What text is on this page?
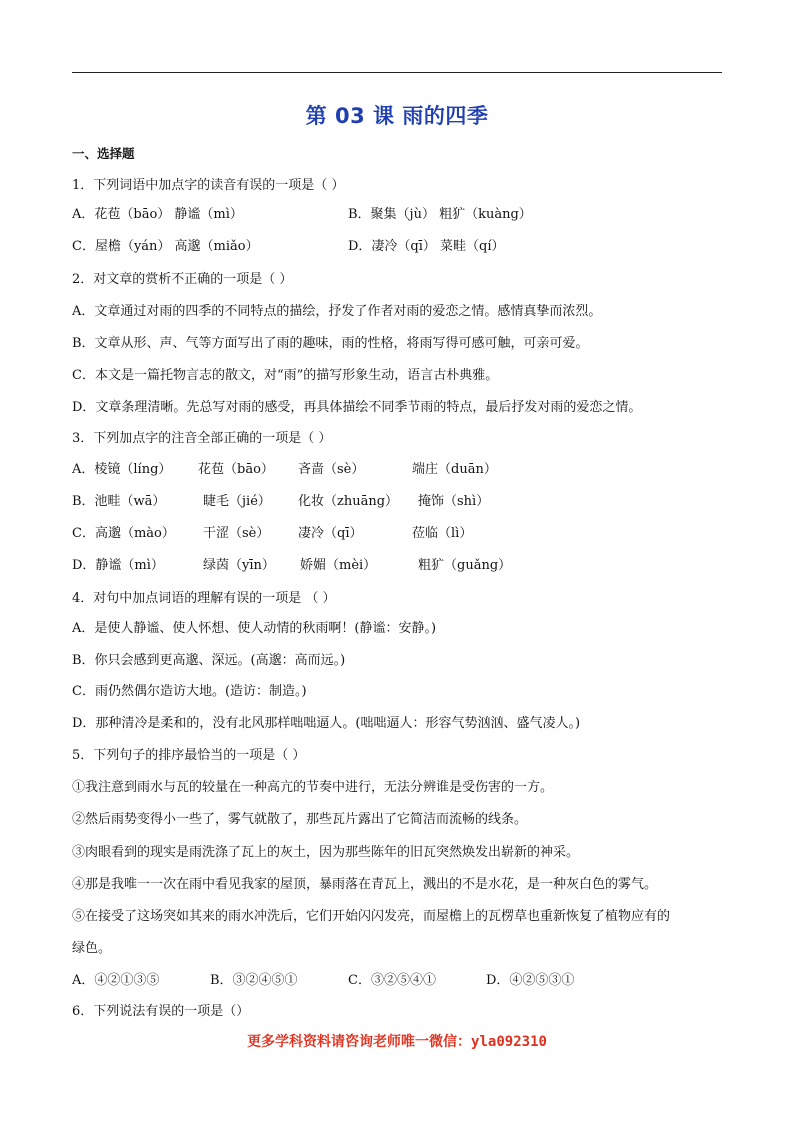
第 03 课 雨的四季
一、选择题
1．下列词语中加点字的读音有误的一项是（ ）
A．花苞（bāo） 静谧（mì）	B．聚集（jù） 粗犷（kuàng）
C．屋檐（yán） 高邈（miǎo）	D．凄冷（qī） 菜畦（qí）
2．对文章的赏析不正确的一项是（ ）
A．文章通过对雨的四季的不同特点的描绘，抒发了作者对雨的爱恋之情。感情真挚而浓烈。
B．文章从形、声、气等方面写出了雨的趣味，雨的性格，将雨写得可感可触，可亲可爱。
C．本文是一篇托物言志的散文，对“雨”的描写形象生动，语言古朴典雅。
D．文章条理清晰。先总写对雨的感受，再具体描绘不同季节雨的特点，最后抒发对雨的爱恋之情。
3．下列加点字的注音全部正确的一项是（ ）
A．棱镜（líng） 花苞（bāo） 吝啬（sè）	端庄（duān）
B．池畦（wā）	睫毛（jié） 化妆（zhuāng） 掩饰（shì）
C．高邈（mào） 干涩（sè） 凄冷（qī）	莅临（lì）
D．静谧（mì）	绿茵（yīn） 娇媚（mèi）	粗犷（guǎng）
4．对句中加点词语的理解有误的一项是 （ ）
A．是使人静谧、使人怀想、使人动情的秋雨啊！(静谧：安静。)
B．你只会感到更高邈、深远。(高邈：高而远。)
C．雨仍然偶尔造访大地。(造访：制造。)
D．那种清冷是柔和的，没有北风那样咄咄逼人。(咄咄逼人：形容气势汹汹、盛气凌人。)
5．下列句子的排序最恰当的一项是（ ）
①我注意到雨水与瓦的较量在一种高亢的节奏中进行，无法分辨谁是受伤害的一方。
②然后雨势变得小一些了，雾气就散了，那些瓦片露出了它简洁而流畅的线条。
③肉眼看到的现实是雨洗涤了瓦上的灰土，因为那些陈年的旧瓦突然焕发出崭新的神采。
④那是我唯一一次在雨中看见我家的屋顶，暴雨落在青瓦上，溅出的不是水花，是一种灰白色的雾气。
⑤在接受了这场突如其来的雨水冲洗后，它们开始闪闪发亮，而屋檐上的瓦楞草也重新恢复了植物应有的
绿色。
A．④②①③⑤	B．③②④⑤①	C．③②⑤④①	D．④②⑤③①
6．下列说法有误的一项是（）
更多学科资料请咨询老师唯一微信：yla092310
